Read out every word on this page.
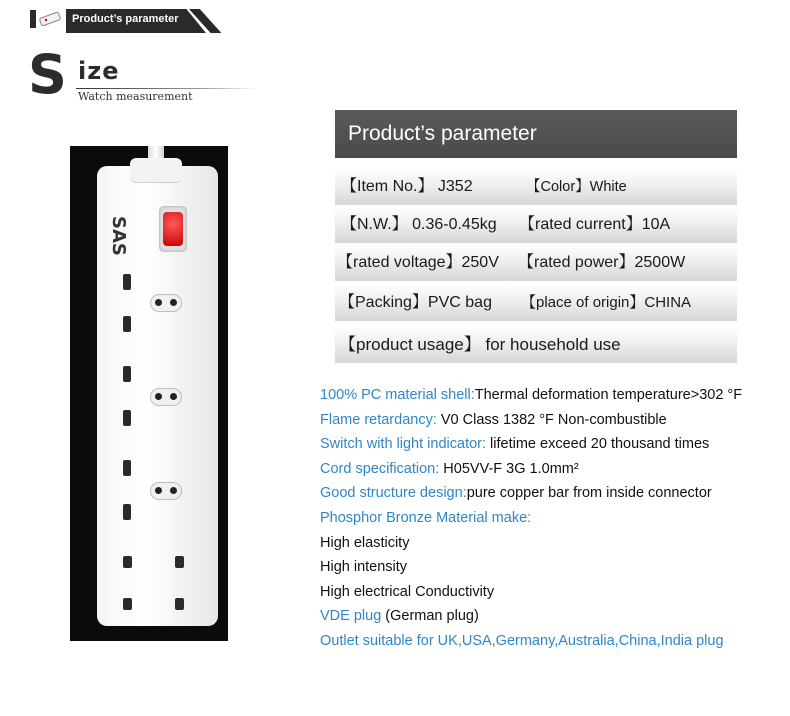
Product’s parameter
S ize
Watch measurement
SAS
Product’s parameter
【Item No.】 J352	【Color】White
【N.W.】 0.36-0.45kg 【rated current】10A
【rated voltage】250V 【rated power】2500W
【Packing】PVC bag 【place of origin】CHINA
【product usage】 for household use
100% PC material shell:Thermal deformation temperature>302 °F
Flame retardancy: V0 Class 1382 °F Non-combustible
Switch with light indicator: lifetime exceed 20 thousand times
Cord specification: H05VV-F 3G 1.0mm²
Good structure design:pure copper bar from inside connector
Phosphor Bronze Material make:
High elasticity
High intensity
High electrical Conductivity
VDE plug (German plug)
Outlet suitable for UK,USA,Germany,Australia,China,India plug
